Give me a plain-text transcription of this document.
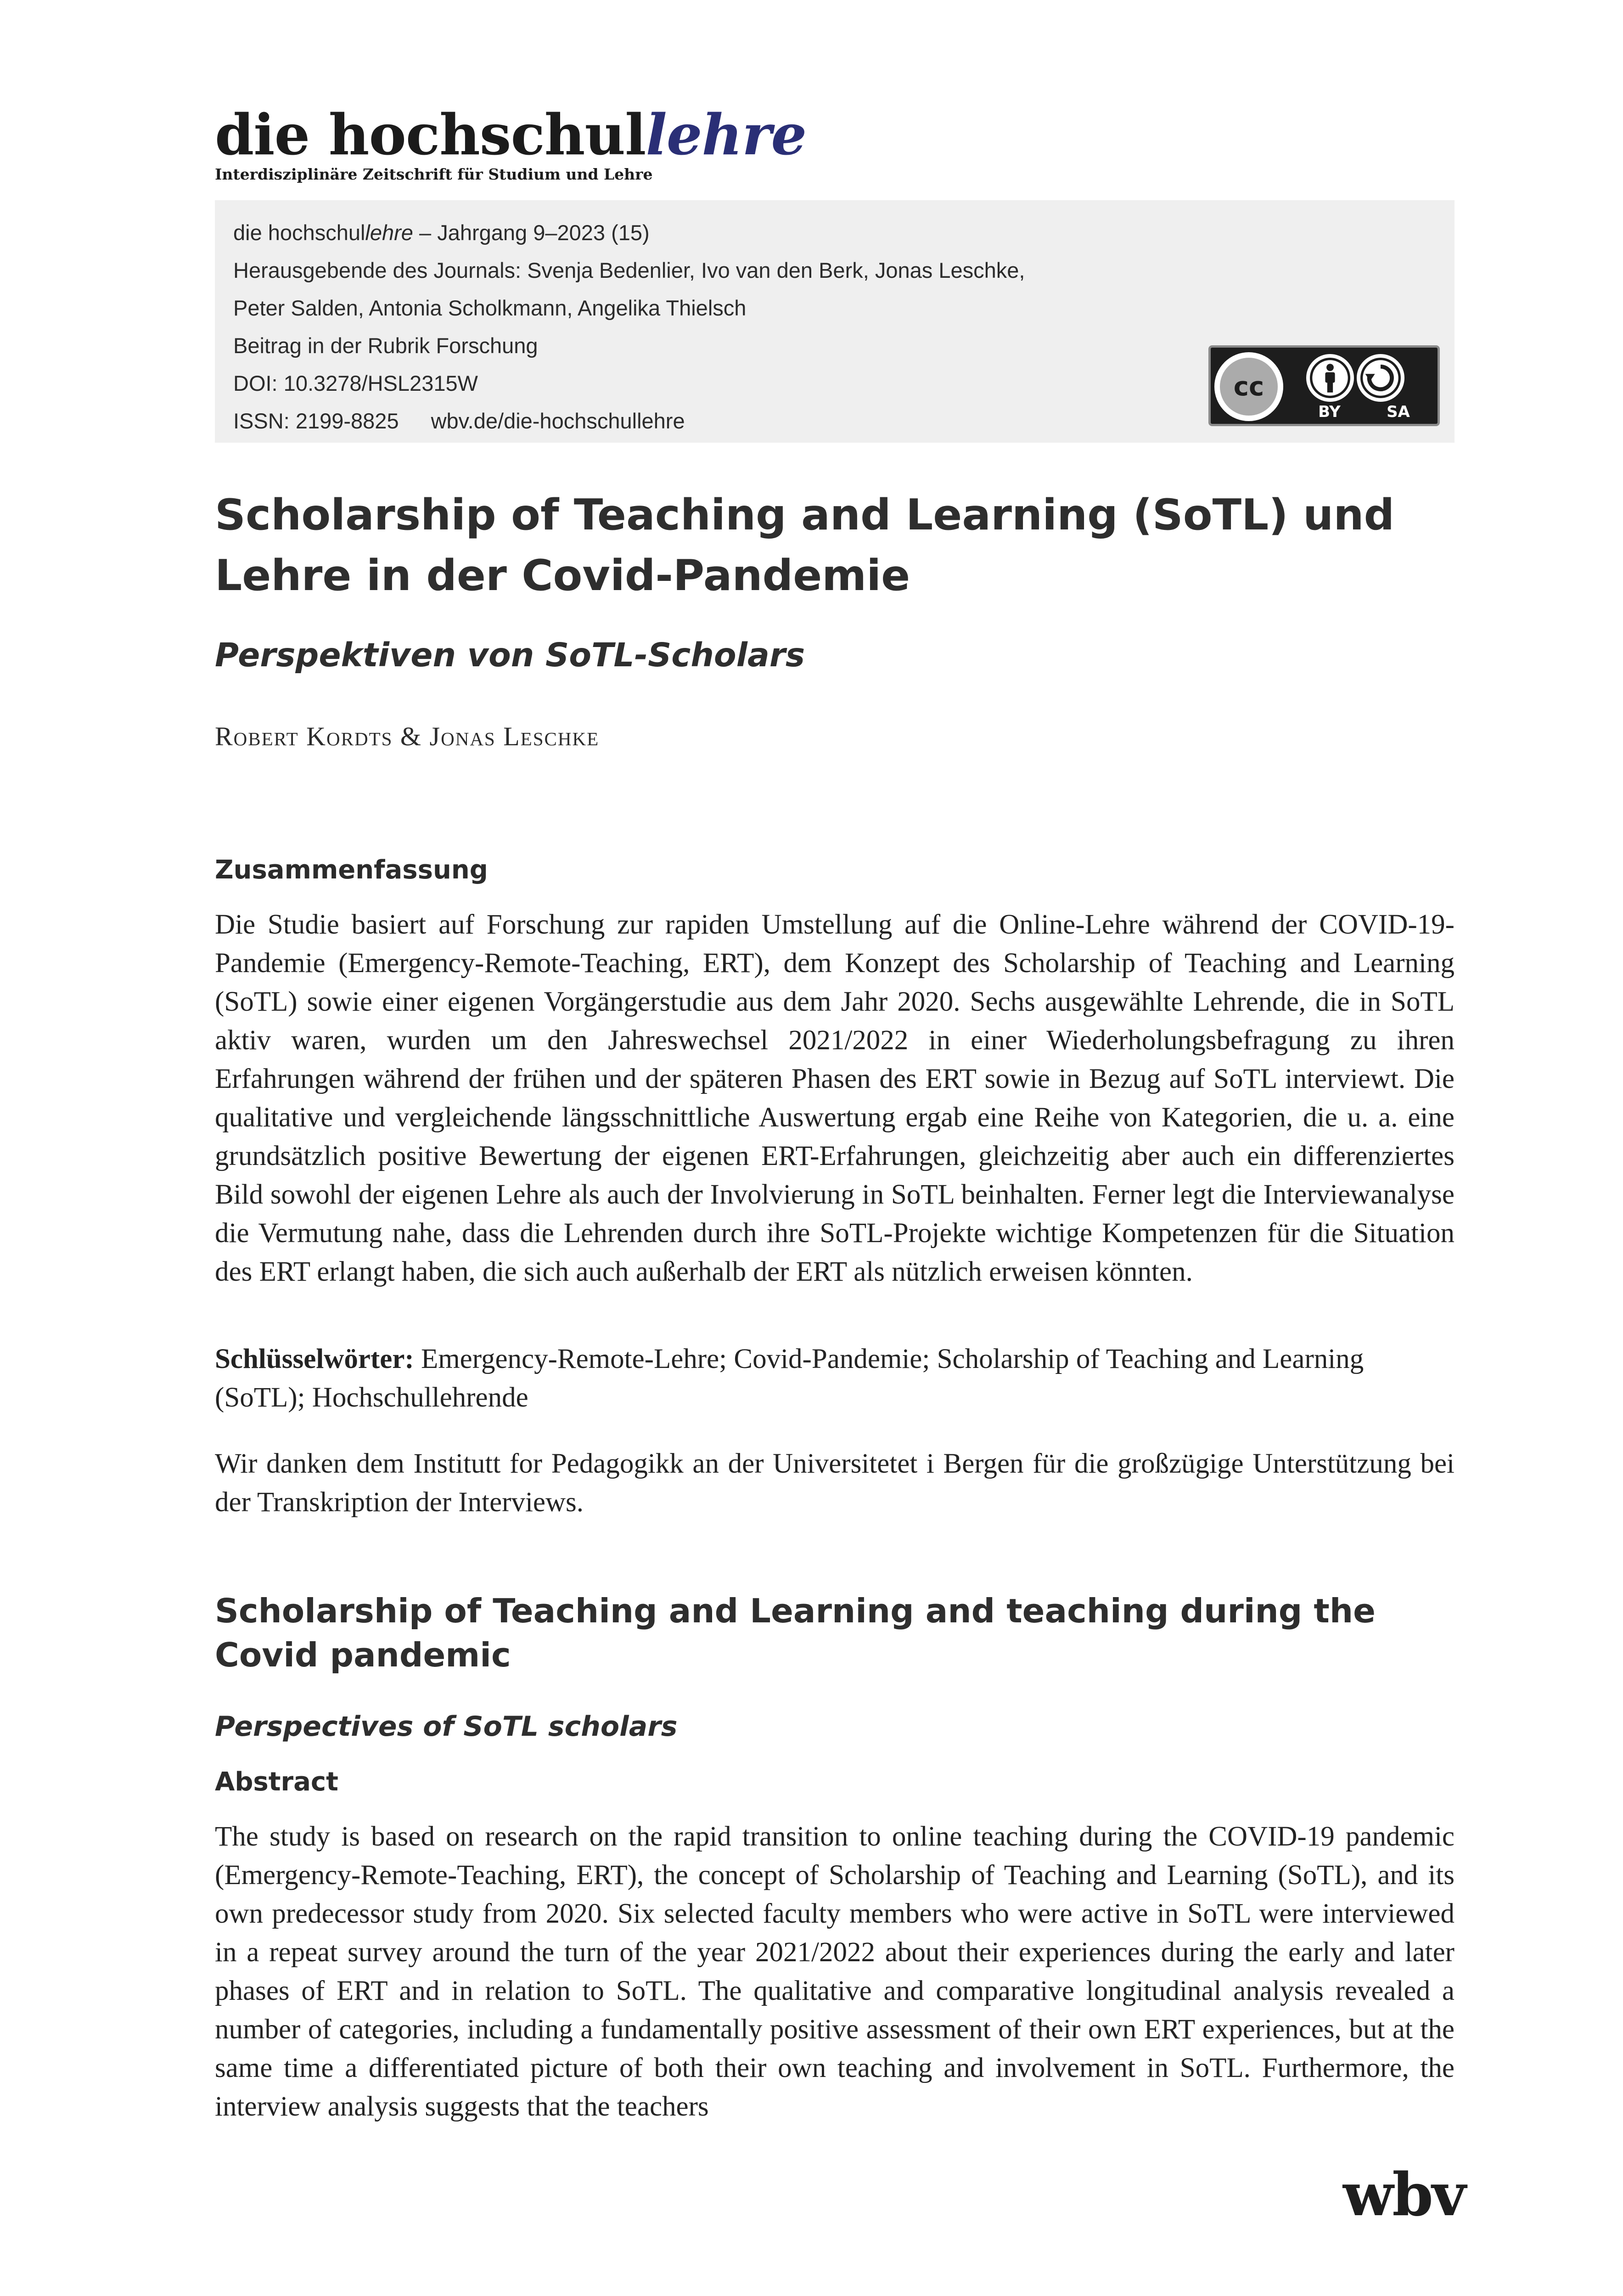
die hochschullehre
Interdisziplinäre Zeitschrift für Studium und Lehre
die hochschullehre – Jahrgang 9–2023 (15)
Herausgebende des Journals: Svenja Bedenlier, Ivo van den Berk, Jonas Leschke,
Peter Salden, Antonia Scholkmann, Angelika Thielsch
Beitrag in der Rubrik Forschung
DOI: 10.3278/HSL2315W
ISSN: 2199-8825 wbv.de/die-hochschullehre
cc
BY	SA
Scholarship of Teaching and Learning (SoTL) und Lehre in der Covid-Pandemie
Perspektiven von SoTL-Scholars
Robert Kordts & Jonas Leschke
Zusammenfassung
Die Studie basiert auf Forschung zur rapiden Umstellung auf die Online-Lehre während der COVID-19-Pandemie (Emergency-Remote-Teaching, ERT), dem Konzept des Scholarship of Teaching and Learning (SoTL) sowie einer eigenen Vorgängerstudie aus dem Jahr 2020. Sechs ausgewählte Lehrende, die in SoTL aktiv waren, wurden um den Jahreswechsel 2021/2022 in einer Wiederholungsbefragung zu ihren Erfahrungen während der frühen und der späteren Phasen des ERT sowie in Bezug auf SoTL interviewt. Die qualitative und vergleichende längsschnittliche Auswertung ergab eine Reihe von Kategorien, die u. a. eine grundsätzlich positive Bewertung der eigenen ERT-Erfahrungen, gleichzeitig aber auch ein differenziertes Bild sowohl der eigenen Lehre als auch der Involvierung in SoTL beinhalten. Ferner legt die Interviewanalyse die Vermutung nahe, dass die Lehrenden durch ihre SoTL-Projekte wichtige Kompetenzen für die Situation des ERT erlangt haben, die sich auch außerhalb der ERT als nützlich erweisen könnten.
Schlüsselwörter: Emergency-Remote-Lehre; Covid-Pandemie; Scholarship of Teaching and Learning (SoTL); Hochschullehrende
Wir danken dem Institutt for Pedagogikk an der Universitetet i Bergen für die großzügige Unterstützung bei der Transkription der Interviews.
Scholarship of Teaching and Learning and teaching during the Covid pandemic
Perspectives of SoTL scholars
Abstract
The study is based on research on the rapid transition to online teaching during the COVID-19 pandemic (Emergency-Remote-Teaching, ERT), the concept of Scholarship of Teaching and Learning (SoTL), and its own predecessor study from 2020. Six selected faculty members who were active in SoTL were interviewed in a repeat survey around the turn of the year 2021/2022 about their experiences during the early and later phases of ERT and in relation to SoTL. The qualitative and comparative longitudinal analysis revealed a number of categories, including a fundamentally positive assessment of their own ERT experiences, but at the same time a differentiated picture of both their own teaching and involvement in SoTL. Furthermore, the interview analysis suggests that the teachers
wbv
